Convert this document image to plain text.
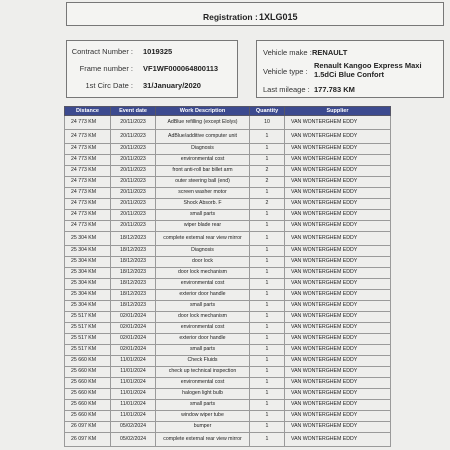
Registration : 1XLG015
Contract Number : 1019325
Frame number : VF1WF000064800113
1st Circ Date : 31/January/2020
Vehicle make : RENAULT
Vehicle type :
Renault Kangoo Express Maxi
1.5dCi Blue Confort
Last mileage : 177.783 KM
Distance	Event date	Work Description	Quantity	Supplier
24 773 KM	20/11/2023	AdBlue refilling (except Elolys)	10	VAN WONTERGHEM EDDY
24 773 KM	20/11/2023	AdBlue/additive computer unit	1	VAN WONTERGHEM EDDY
24 773 KM	20/11/2023	Diagnosis	1	VAN WONTERGHEM EDDY
24 773 KM	20/11/2023	environmental cost	1	VAN WONTERGHEM EDDY
24 773 KM	20/11/2023	front anti-roll bar billet arm	2	VAN WONTERGHEM EDDY
24 773 KM	20/11/2023	outer steering ball (end)	2	VAN WONTERGHEM EDDY
24 773 KM	20/11/2023	screen washer motor	1	VAN WONTERGHEM EDDY
24 773 KM	20/11/2023	Shock Absorb. F	2	VAN WONTERGHEM EDDY
24 773 KM	20/11/2023	small parts	1	VAN WONTERGHEM EDDY
24 773 KM	20/11/2023	wiper blade rear	1	VAN WONTERGHEM EDDY
25 304 KM	18/12/2023	complete external rear view mirror	1	VAN WONTERGHEM EDDY
25 304 KM	18/12/2023	Diagnosis	1	VAN WONTERGHEM EDDY
25 304 KM	18/12/2023	door lock	1	VAN WONTERGHEM EDDY
25 304 KM	18/12/2023	door lock mechanism	1	VAN WONTERGHEM EDDY
25 304 KM	18/12/2023	environmental cost	1	VAN WONTERGHEM EDDY
25 304 KM	18/12/2023	exterior door handle	1	VAN WONTERGHEM EDDY
25 304 KM	18/12/2023	small parts	1	VAN WONTERGHEM EDDY
25 517 KM	02/01/2024	door lock mechanism	1	VAN WONTERGHEM EDDY
25 517 KM	02/01/2024	environmental cost	1	VAN WONTERGHEM EDDY
25 517 KM	02/01/2024	exterior door handle	1	VAN WONTERGHEM EDDY
25 517 KM	02/01/2024	small parts	1	VAN WONTERGHEM EDDY
25 660 KM	11/01/2024	Check Fluids	1	VAN WONTERGHEM EDDY
25 660 KM	11/01/2024	check up technical inspection	1	VAN WONTERGHEM EDDY
25 660 KM	11/01/2024	environmental cost	1	VAN WONTERGHEM EDDY
25 660 KM	11/01/2024	halogen light bulb	1	VAN WONTERGHEM EDDY
25 660 KM	11/01/2024	small parts	1	VAN WONTERGHEM EDDY
25 660 KM	11/01/2024	window wiper tube	1	VAN WONTERGHEM EDDY
26 097 KM	05/02/2024	bumper	1	VAN WONTERGHEM EDDY
26 097 KM	05/02/2024	complete external rear view mirror	1	VAN WONTERGHEM EDDY
